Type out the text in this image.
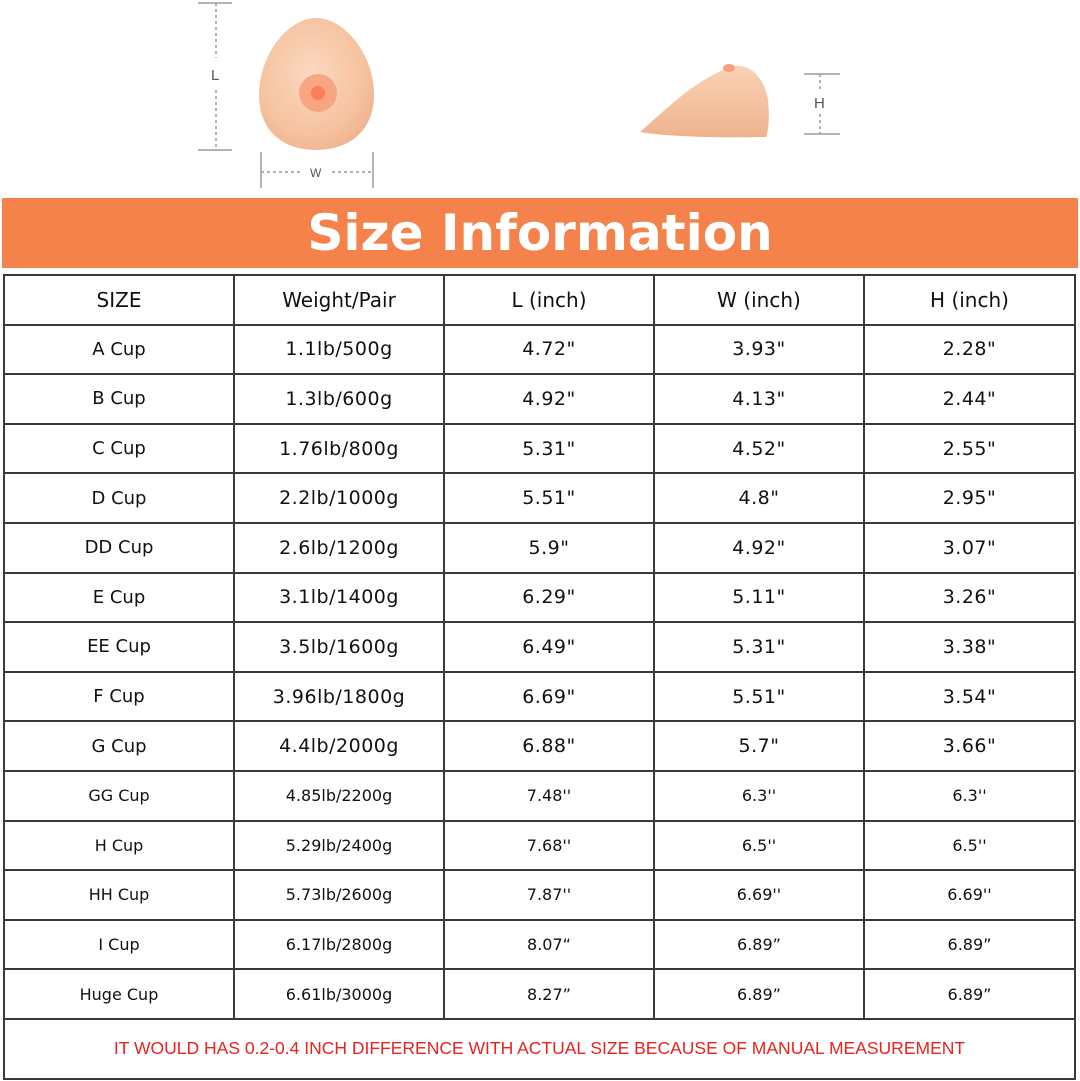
L
W
H
Size Information
SIZE	Weight/Pair	L (inch)	W (inch)	H (inch)
A Cup	1.1lb/500g	4.72"	3.93"	2.28"
B Cup	1.3lb/600g	4.92"	4.13"	2.44"
C Cup	1.76lb/800g	5.31"	4.52"	2.55"
D Cup	2.2lb/1000g	5.51"	4.8"	2.95"
DD Cup	2.6lb/1200g	5.9"	4.92"	3.07"
E Cup	3.1lb/1400g	6.29"	5.11"	3.26"
EE Cup	3.5lb/1600g	6.49"	5.31"	3.38"
F Cup	3.96lb/1800g	6.69"	5.51"	3.54"
G Cup	4.4lb/2000g	6.88"	5.7"	3.66"
GG Cup	4.85lb/2200g	7.48''	6.3''	6.3''
H Cup	5.29lb/2400g	7.68''	6.5''	6.5''
HH Cup	5.73lb/2600g	7.87''	6.69''	6.69''
I Cup	6.17lb/2800g	8.07“	6.89”	6.89”
Huge Cup	6.61lb/3000g	8.27”	6.89”	6.89”
IT WOULD HAS 0.2-0.4 INCH DIFFERENCE WITH ACTUAL SIZE BECAUSE OF MANUAL MEASUREMENT				
